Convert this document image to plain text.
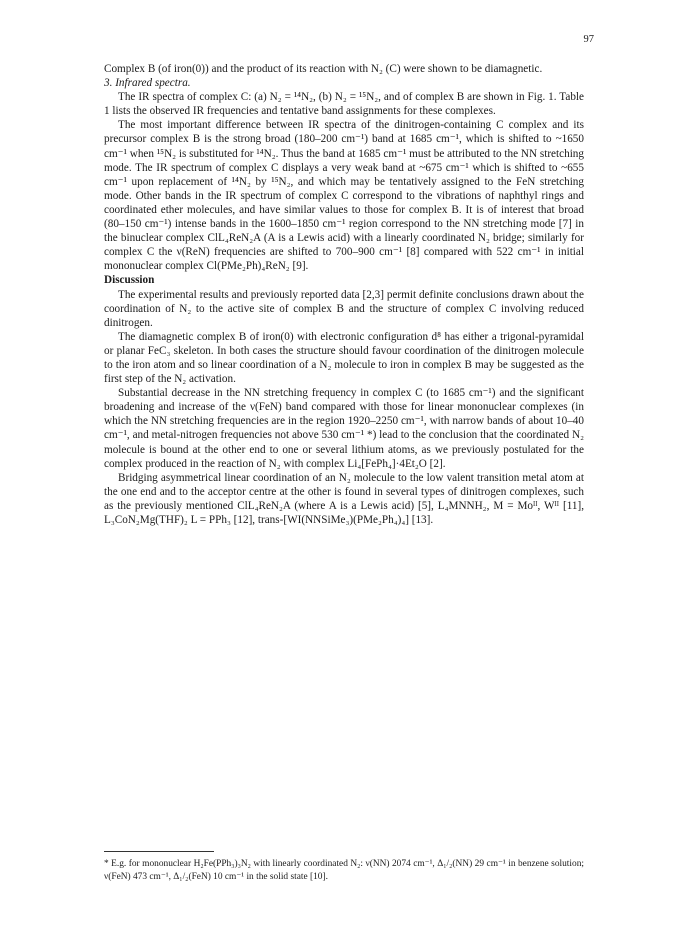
97

Complex B (of iron(0)) and the product of its reaction with N₂ (C) were shown to be diamagnetic.

3. Infrared spectra.

The IR spectra of complex C: (a) N₂ = ¹⁴N₂, (b) N₂ = ¹⁵N₂, and of complex B are shown in Fig. 1. Table 1 lists the observed IR frequencies and tentative band assignments for these complexes.

The most important difference between IR spectra of the dinitrogen-containing C complex and its precursor complex B is the strong broad (180–200 cm⁻¹) band at 1685 cm⁻¹, which is shifted to ~1650 cm⁻¹ when ¹⁵N₂ is substituted for ¹⁴N₂. Thus the band at 1685 cm⁻¹ must be attributed to the NN stretching mode. The IR spectrum of complex C displays a very weak band at ~675 cm⁻¹ which is shifted to ~655 cm⁻¹ upon replacement of ¹⁴N₂ by ¹⁵N₂, and which may be tentatively assigned to the FeN stretching mode. Other bands in the IR spectrum of complex C correspond to the vibrations of naphthyl rings and coordinated ether molecules, and have similar values to those for complex B. It is of interest that broad (80–150 cm⁻¹) intense bands in the 1600–1850 cm⁻¹ region correspond to the NN stretching mode [7] in the binuclear complex ClL₄ReN₂A (A is a Lewis acid) with a linearly coordinated N₂ bridge; similarly for complex C the ν(ReN) frequencies are shifted to 700–900 cm⁻¹ [8] compared with 522 cm⁻¹ in initial mononuclear complex Cl(PMe₂Ph)₄ReN₂ [9].

Discussion

The experimental results and previously reported data [2,3] permit definite conclusions drawn about the coordination of N₂ to the active site of complex B and the structure of complex C involving reduced dinitrogen.

The diamagnetic complex B of iron(0) with electronic configuration d⁸ has either a trigonal-pyramidal or planar FeC₃ skeleton. In both cases the structure should favour coordination of the dinitrogen molecule to the iron atom and so linear coordination of a N₂ molecule to iron in complex B may be suggested as the first step of the N₂ activation.

Substantial decrease in the NN stretching frequency in complex C (to 1685 cm⁻¹) and the significant broadening and increase of the ν(FeN) band compared with those for linear mononuclear complexes (in which the NN stretching frequencies are in the region 1920–2250 cm⁻¹, with narrow bands of about 10–40 cm⁻¹, and metal-nitrogen frequencies not above 530 cm⁻¹ *) lead to the conclusion that the coordinated N₂ molecule is bound at the other end to one or several lithium atoms, as we previously postulated for the complex produced in the reaction of N₂ with complex Li₄[FePh₄]·4Et₂O [2].

Bridging asymmetrical linear coordination of an N₂ molecule to the low valent transition metal atom at the one end and to the acceptor centre at the other is found in several types of dinitrogen complexes, such as the previously mentioned ClL₄ReN₂A (where A is a Lewis acid) [5], L₄MNNH₂, M = Moᴵᴵ, Wᴵᴵ [11], L₃CoN₂Mg(THF)₂ L = PPh₃ [12], trans-[WI(NNSiMe₃)(PMe₂Ph₄)₄] [13].

* E.g. for mononuclear H₂Fe(PPh₃)₃N₂ with linearly coordinated N₂: ν(NN) 2074 cm⁻¹, Δ₁/₂(NN) 29 cm⁻¹ in benzene solution; ν(FeN) 473 cm⁻¹, Δ₁/₂(FeN) 10 cm⁻¹ in the solid state [10].
